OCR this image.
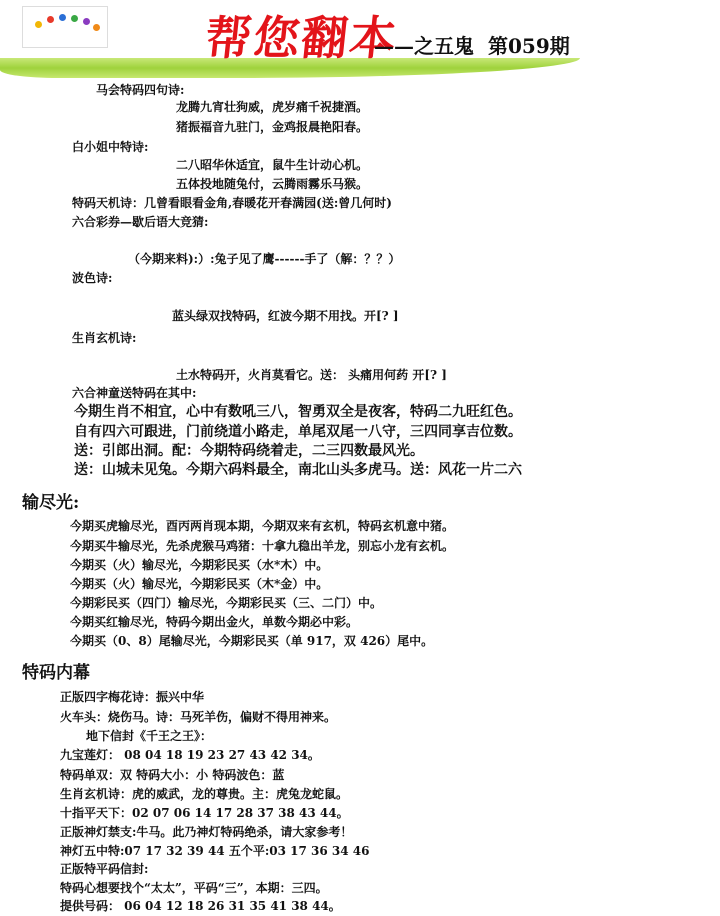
帮您翻本
——之五鬼 第059期
马会特码四句诗:
龙腾九宵壮狗威，虎岁痛千祝捷酒。
猪振福音九驻门，金鸡报晨艳阳春。
白小姐中特诗:
二八昭华休适宜，鼠牛生计动心机。
五体投地随兔付，云腾雨霧乐马猴。
特码天机诗：几曾看眼看金角,春暖花开春满园(送:曾几何时)
六合彩券—歇后语大竞猜:
（今期来料):）:兔子见了鹰------手了（解：？？）
波色诗:
蓝头绿双找特码，红波今期不用找。开[? ]
生肖玄机诗:
土水特码开，火肖莫看它。送： 头痛用何药 开[? ]
六合神童送特码在其中:
今期生肖不相宜，心中有数吼三八，智勇双全是夜客，特码二九旺红色。
自有四六可跟进，门前绕道小路走，单尾双尾一八守，三四同享吉位数。
送：引郎出洞。配：今期特码绕着走，二三四数最风光。
送：山城未见兔。今期六码料最全，南北山头多虎马。送：风花一片二六
输尽光:
今期买虎输尽光，酉丙两肖现本期，今期双来有玄机，特码玄机意中猪。
今期买牛输尽光，先杀虎猴马鸡猪：十拿九稳出羊龙，别忘小龙有玄机。
今期买（火）输尽光，今期彩民买（水*木）中。
今期买（火）输尽光，今期彩民买（木*金）中。
今期彩民买（四门）输尽光，今期彩民买（三、二门）中。
今期买红输尽光，特码今期出金火，单数今期必中彩。
今期买（0、8）尾输尽光，今期彩民买（单 917，双 426）尾中。
特码内幕
正版四字梅花诗：振兴中华
火车头：烧伤马。诗：马死羊伤，偏财不得用神来。
地下信封《千王之王》：
九宝莲灯： 08 04 18 19 23 27 43 42 34。
特码单双：双 特码大小：小 特码波色：蓝
生肖玄机诗：虎的威武，龙的尊贵。主：虎兔龙蛇鼠。
十指平天下：02 07 06 14 17 28 37 38 43 44。
正版神灯禁支:牛马。此乃神灯特码绝杀，请大家参考！
神灯五中特:07 17 32 39 44 五个平:03 17 36 34 46
正版特平码信封:
特码心想要找个“太太”，平码“三”，本期：三四。
提供号码： 06 04 12 18 26 31 35 41 38 44。
